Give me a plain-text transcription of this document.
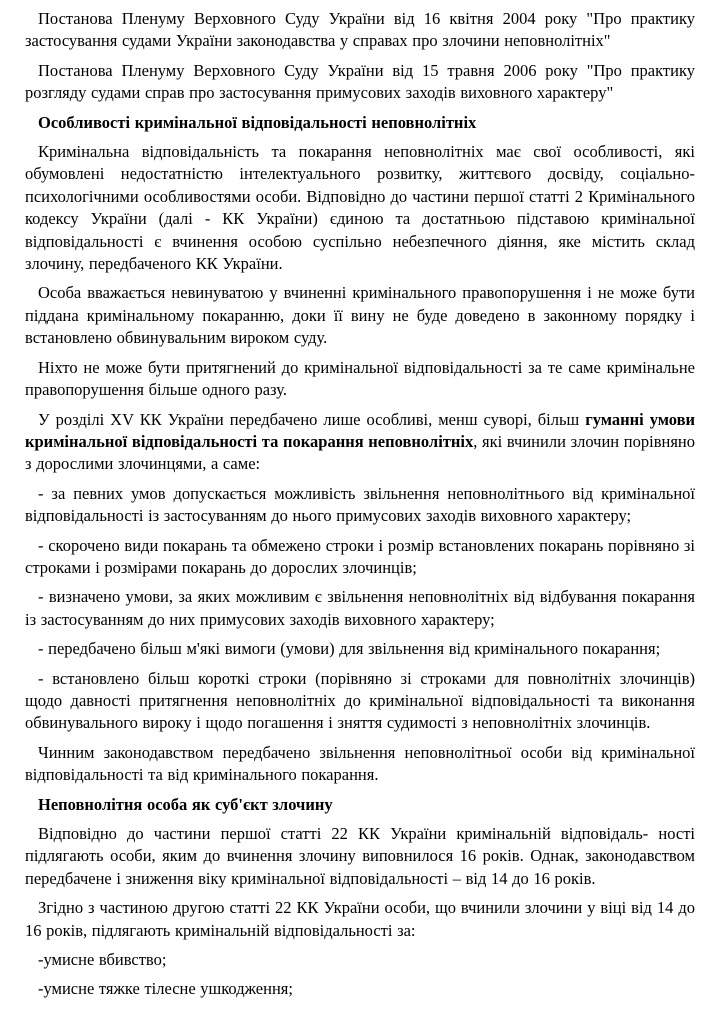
Постанова Пленуму Верховного Суду України від 16 квітня 2004 року "Про практику застосування судами України законодавства у справах про злочини неповнолітніх"

Постанова Пленуму Верховного Суду України від 15 травня 2006 року "Про практику розгляду судами справ про застосування примусових заходів виховного характеру"

Особливості кримінальної відповідальності неповнолітніх

Кримінальна відповідальність та покарання неповнолітніх має свої особливості, які обумовлені недостатністю інтелектуального розвитку, життєвого досвіду, соціально-психологічними особливостями особи. Відповідно до частини першої статті 2 Кримінального кодексу України (далі - КК України) єдиною та достатньою підставою кримінальної відповідальності є вчинення особою суспільно небезпечного діяння, яке містить склад злочину, передбаченого КК України.

Особа вважається невинуватою у вчиненні кримінального правопорушення і не може бути піддана кримінальному покаранню, доки її вину не буде доведено в законному порядку і встановлено обвинувальним вироком суду.

Ніхто не може бути притягнений до кримінальної відповідальності за те саме кримінальне правопорушення більше одного разу.

У розділі XV КК України передбачено лише особливі, менш суворі, більш гуманні умови кримінальної відповідальності та покарання неповнолітніх, які вчинили злочин порівняно з дорослими злочинцями, а саме:

- за певних умов допускається можливість звільнення неповнолітнього від кримінальної відповідальності із застосуванням до нього примусових заходів виховного характеру;

- скорочено види покарань та обмежено строки і розмір встановлених покарань порівняно зі строками і розмірами покарань до дорослих злочинців;

- визначено умови, за яких можливим є звільнення неповнолітніх від відбування покарання із застосуванням до них примусових заходів виховного характеру;

- передбачено більш м'які вимоги (умови) для звільнення від кримінального покарання;

- встановлено більш короткі строки (порівняно зі строками для повнолітніх злочинців) щодо давності притягнення неповнолітніх до кримінальної відповідальності та виконання обвинувального вироку і щодо погашення і зняття судимості з неповнолітніх злочинців.

Чинним законодавством передбачено звільнення неповнолітньої особи від кримінальної відповідальності та від кримінального покарання.

Неповнолітня особа як суб'єкт злочину

Відповідно до частини першої статті 22 КК України кримінальній відповідаль- ності підлягають особи, яким до вчинення злочину виповнилося 16 років. Однак, законодавством передбачене і зниження віку кримінальної відповідальності – від 14 до 16 років.

Згідно з частиною другою статті 22 КК України особи, що вчинили злочини у віці від 14 до 16 років, підлягають кримінальній відповідальності за:

-умисне вбивство;

-умисне тяжке тілесне ушкодження;
